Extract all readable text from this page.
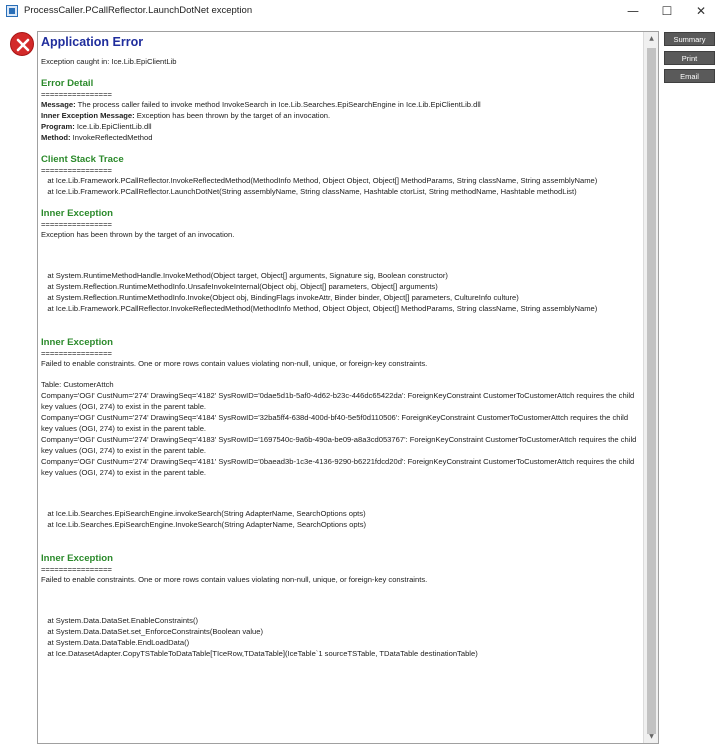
ProcessCaller.PCallReflector.LaunchDotNet exception	—	☐	✕
Application Error
Exception caught in: Ice.Lib.EpiClientLib
Error Detail
================
Message: The process caller failed to invoke method InvokeSearch in Ice.Lib.Searches.EpiSearchEngine in Ice.Lib.EpiClientLib.dll
Inner Exception Message: Exception has been thrown by the target of an invocation.
Program: Ice.Lib.EpiClientLib.dll
Method: InvokeReflectedMethod
Client Stack Trace
================
at Ice.Lib.Framework.PCallReflector.InvokeReflectedMethod(MethodInfo Method, Object Object, Object[] MethodParams, String className, String assemblyName)
at Ice.Lib.Framework.PCallReflector.LaunchDotNet(String assemblyName, String className, Hashtable ctorList, String methodName, Hashtable methodList)
Inner Exception
================
Exception has been thrown by the target of an invocation.
at System.RuntimeMethodHandle.InvokeMethod(Object target, Object[] arguments, Signature sig, Boolean constructor)
at System.Reflection.RuntimeMethodInfo.UnsafeInvokeInternal(Object obj, Object[] parameters, Object[] arguments)
at System.Reflection.RuntimeMethodInfo.Invoke(Object obj, BindingFlags invokeAttr, Binder binder, Object[] parameters, CultureInfo culture)
at Ice.Lib.Framework.PCallReflector.InvokeReflectedMethod(MethodInfo Method, Object Object, Object[] MethodParams, String className, String assemblyName)
Inner Exception
================
Failed to enable constraints. One or more rows contain values violating non-null, unique, or foreign-key constraints.
Table: CustomerAttch
Company='OGI' CustNum='274' DrawingSeq='4182' SysRowID='0dae5d1b-5af0-4d62-b23c-446dc65422da': ForeignKeyConstraint CustomerToCustomerAttch requires the child key values (OGI, 274) to exist in the parent table.
Company='OGI' CustNum='274' DrawingSeq='4184' SysRowID='32ba5ff4-638d-400d-bf40-5e5f0d110506': ForeignKeyConstraint CustomerToCustomerAttch requires the child key values (OGI, 274) to exist in the parent table.
Company='OGI' CustNum='274' DrawingSeq='4183' SysRowID='1697540c-9a6b-490a-be09-a8a3cd053767': ForeignKeyConstraint CustomerToCustomerAttch requires the child key values (OGI, 274) to exist in the parent table.
Company='OGI' CustNum='274' DrawingSeq='4181' SysRowID='0baead3b-1c3e-4136-9290-b6221fdcd20d': ForeignKeyConstraint CustomerToCustomerAttch requires the child key values (OGI, 274) to exist in the parent table.
at Ice.Lib.Searches.EpiSearchEngine.invokeSearch(String AdapterName, SearchOptions opts)
at Ice.Lib.Searches.EpiSearchEngine.InvokeSearch(String AdapterName, SearchOptions opts)
Inner Exception
================
Failed to enable constraints. One or more rows contain values violating non-null, unique, or foreign-key constraints.
at System.Data.DataSet.EnableConstraints()
at System.Data.DataSet.set_EnforceConstraints(Boolean value)
at System.Data.DataTable.EndLoadData()
at Ice.DatasetAdapter.CopyTSTableToDataTable[TIceRow,TDataTable](IceTable`1 sourceTSTable, TDataTable destinationTable)
▲
▼
Summary
Print
Email
